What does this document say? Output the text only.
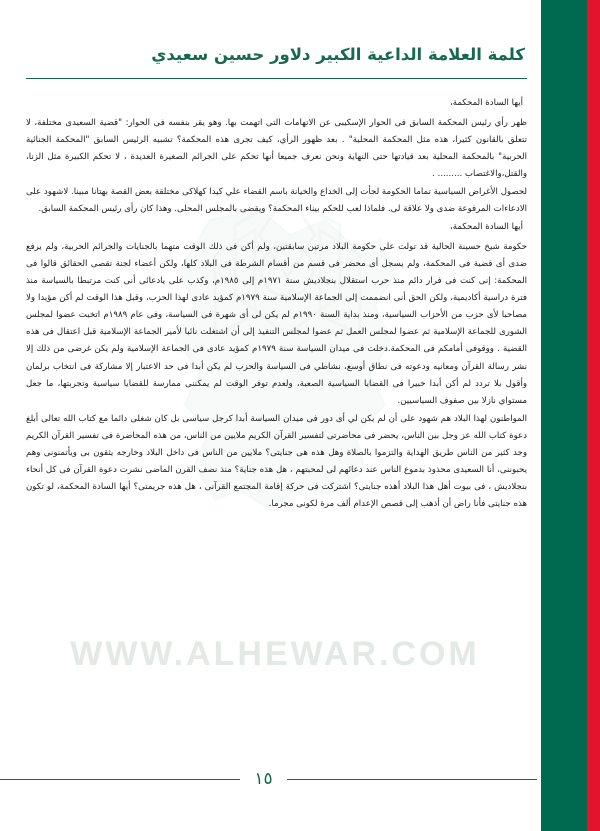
WWW.ALHEWAR.COM
كلمة العلامة الداعية الكبير دلاور حسين سعيدي

أيها السادة المحكمة،

ظهر رأي رئيس المحكمة السابق فى الحوار الإسكيبى عن الاتهامات التى اتهمت بها. وهو يقر بنفسه فى الحوار: "قضية السعيدى مختلفة، لا تتعلق بالقانون كثيرا، هذه مثل المحكمة المحلية" . بعد ظهور الرأي، كيف تجرى هذه المحكمة؟ تشبيه الرئيس السابق "المحكمة الجنائية الحربية" بالمحكمة المحلية بعد قيادتها حتى النهاية ونحن نعرف جميعا أنها تحكم على الجرائم الصغيرة العديدة ، لا تحكم الكبيرة مثل الزنا، والقتل،والاغتصاب ......... .

لحصول الأغراض السياسية تماما الحكومة لجأت إلى الخداع والخيانة باسم القضاء علي كيدا كهلاكى مختلقة بعض القصة بهتانا مبينا. لاشهود على الادعاءات المرفوعة ضدى ولا علاقة لى. فلماذا لعب للحكم بيناء المحكمة؟ ويقضى بالمجلس المحلى. وهذا كان رأى رئيس المحكمة السابق.

أيها السادة المحكمة،

حكومة شيخ حسينة الحالية قد تولت على حكومة البلاد مرتين سابقتين، ولم أكن فى ذلك الوقت متهما بالجنايات والجرائم الحربية، ولم يرفع ضدى أى قضية فى المحكمة، ولم يسجل أى محضر فى قسم من أقسام الشرطة فى البلاد كلها، ولكن أعضاء لجنة تقصى الحقائق قالوا فى المحكمة: إنى كنت فى فرار دائم منذ حرب استقلال بنجلاديش سنة ١٩٧١م إلى ١٩٨٥م، وكذب على يادعائى أنى كنت مرتبطا بالسياسة منذ فترة دراسية أكاديمية، ولكن الحق أنى انضممت إلى الجماعة الإسلامية سنة ١٩٧٩م كمؤيد عادى لهذا الحزب، وقبل هذا الوقت لم أكن مؤيدا ولا مصاحبا لأى حزب من الأحزاب السياسية، ومنذ بداية السنة ١٩٩٠م لم يكن لى أى شهرة فى السياسة، وفى عام ١٩٨٩م اتخبت عضوا لمجلس الشورى للجماعة الإسلامية ثم عضوا لمجلس العمل ثم عضوا لمجلس التنفيذ إلى أن اشتغلت نائبا لأمير الجماعة الإسلامية قبل اعتقال فى هذه القضية . ووقوفى أمامكم فى المحكمة.دخلت فى ميدان السياسة سنة ١٩٧٩م كمؤيد عادى فى الجماعة الإسلامية ولم يكن غرضى من ذلك إلا نشر رسالة القرآن ومعانيه ودعوته فى نطاق أوسع، نشاطي فى السياسة والحزب لم يكن أبدا فى حد الاعتبار إلا مشاركة فى انتخاب برلمان وأقول بلا تردد لم أكن أبدا خبيرا فى القضايا السياسية الصعبة، ولعدم توفر الوقت لم يمكننى ممارسة للقضايا سياسية وتجربتها، ما جعل مستواي نازلا بين صفوف السياسيين.

المواطنون لهذا البلاد هم شهود على أن لم يكن لي أى دور فى ميدان السياسة أبدا كرجل سياسى بل كان شغلى دائما مع كتاب الله تعالى أبلغ دعوة كتاب الله عز وجل بين الناس، يحضر فى محاضرتى لتفسير القرآن الكريم ملايين من الناس، من هذه المحاضرة فى تفسير القرآن الكريم وجد كثير من الناس طريق الهداية والتزموا بالصلاة وهل هذه هى جنايتى؟ ملايين من الناس فى داخل البلاد وخارجه يثقون بى ويأتمنونى وهم يحبوننى، أنا السعيدى محذوذ بدموع الناس عند دعائهم لى لمحبتهم ، هل هذه جناية؟ منذ نصف القرن الماضى نشرت دعوة القرآن فى كل أنحاء بنجلاديش ، فى بيوت أهل هذا البلاد أهذه جنايتى؟ اشتركت فى حركة إقامة المجتمع القرآنى ، هل هذه جريمتى؟ أيها السادة المحكمة، لو تكون هذه جنايتى فأنا راض أن أذهب إلى قصص الإعدام ألف مرة لكونى مجرما.

١٥
